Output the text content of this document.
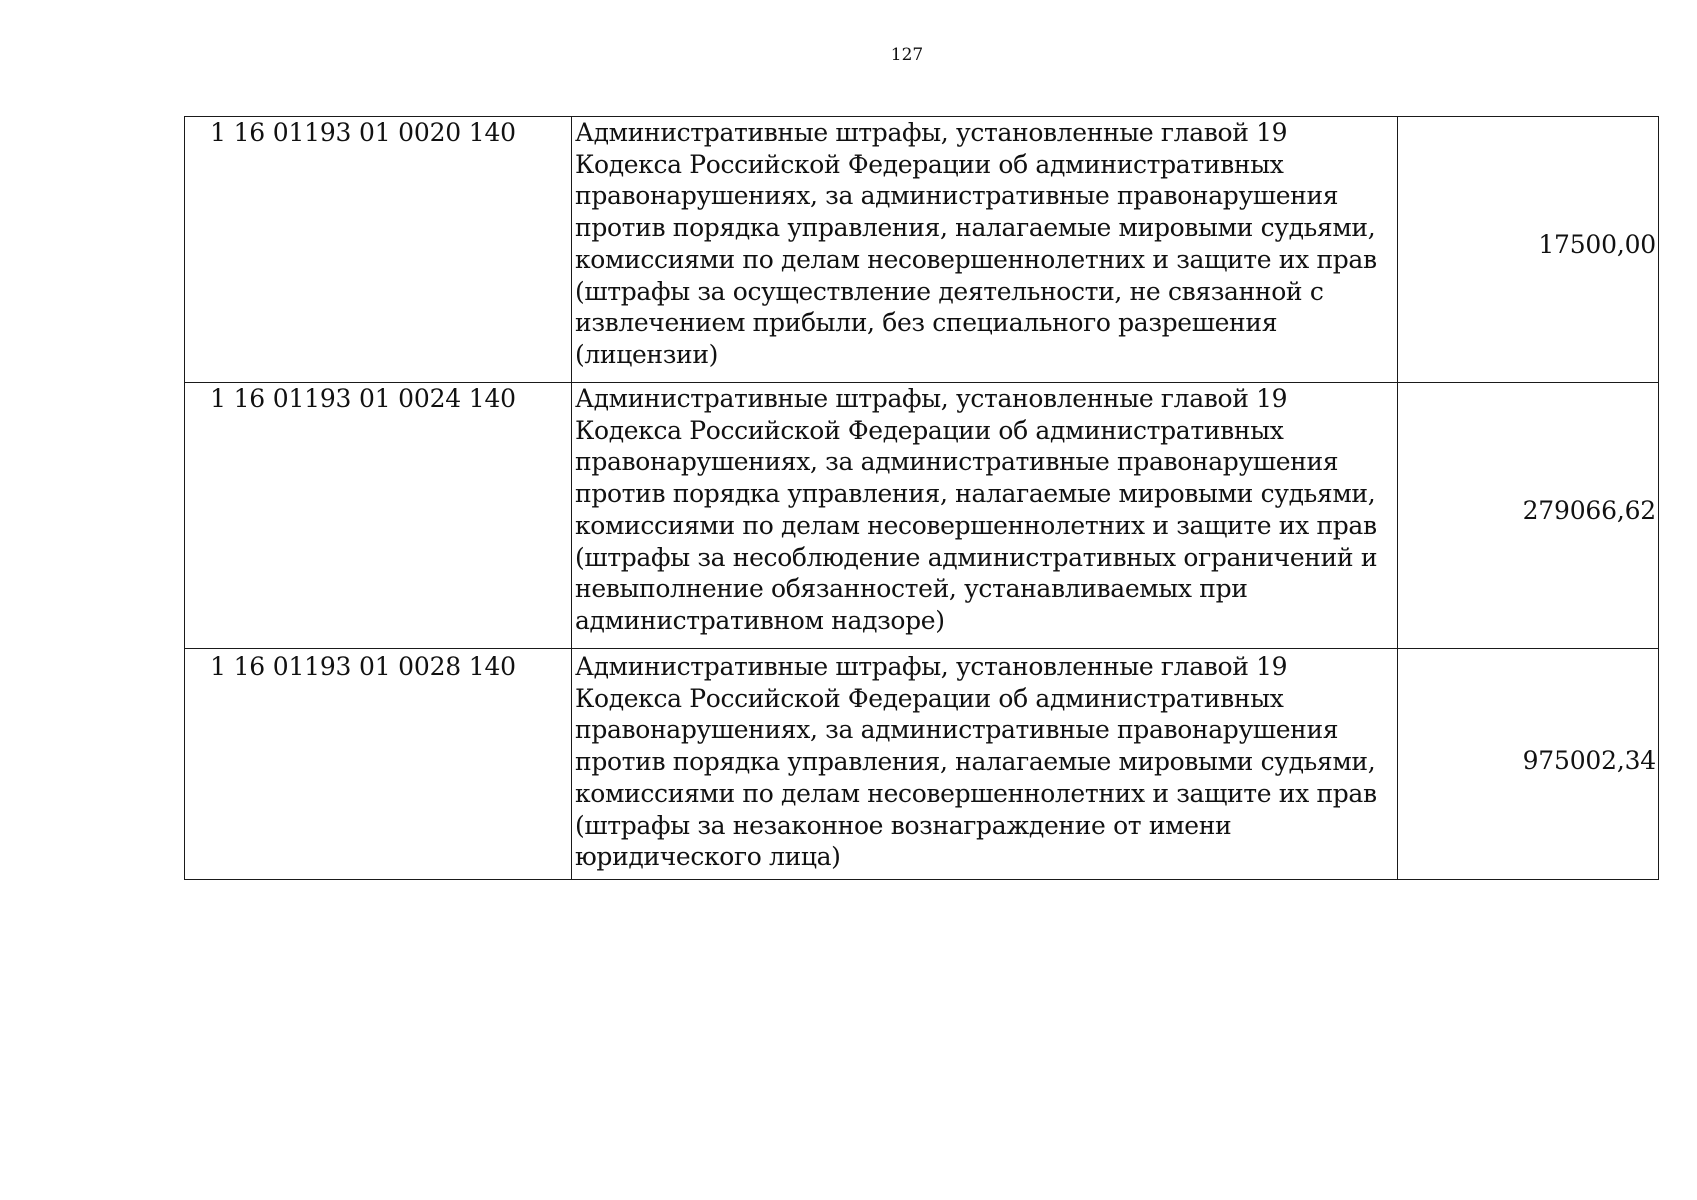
127
1 16 01193 01 0020 140	Административные штрафы, установленные главой 19 Кодекса Российской Федерации об административных правонарушениях, за административные правонарушения против порядка управления, налагаемые мировыми судьями, комиссиями по делам несовершеннолетних и защите их прав (штрафы за осуществление деятельности, не связанной с извлечением прибыли, без специального разрешения (лицензии)	17500,00
1 16 01193 01 0024 140	Административные штрафы, установленные главой 19 Кодекса Российской Федерации об административных правонарушениях, за административные правонарушения против порядка управления, налагаемые мировыми судьями, комиссиями по делам несовершеннолетних и защите их прав (штрафы за несоблюдение административных ограничений и невыполнение обязанностей, устанавливаемых при административном надзоре)	279066,62
1 16 01193 01 0028 140	Административные штрафы, установленные главой 19 Кодекса Российской Федерации об административных правонарушениях, за административные правонарушения против порядка управления, налагаемые мировыми судьями, комиссиями по делам несовершеннолетних и защите их прав (штрафы за незаконное вознаграждение от имени юридического лица)	975002,34
